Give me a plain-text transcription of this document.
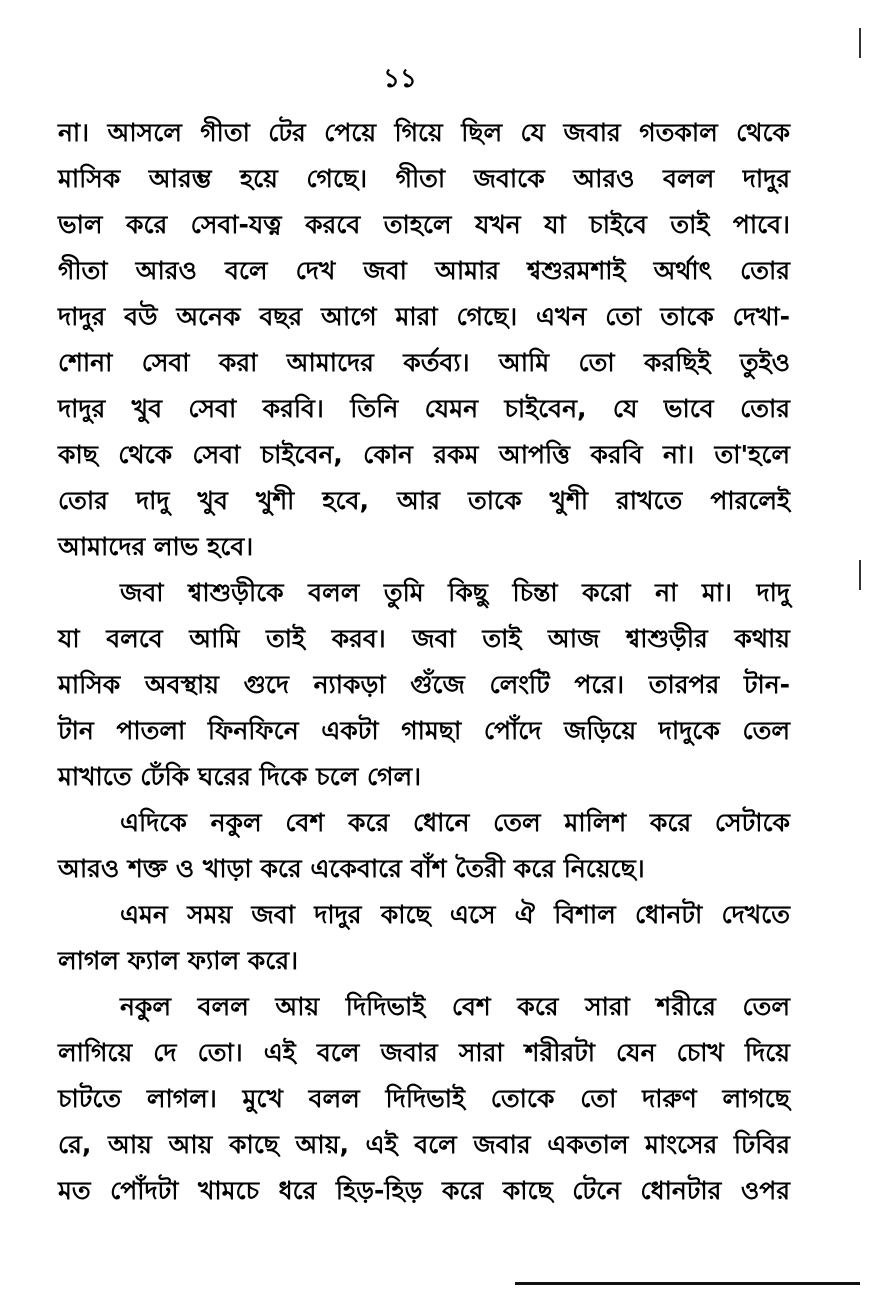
১১
না। আসলে গীতা টের পেয়ে গিয়ে ছিল যে জবার গতকাল থেকে
মাসিক আরম্ভ হয়ে গেছে। গীতা জবাকে আরও বলল দাদুর
ভাল করে সেবা-যত্ন করবে তাহলে যখন যা চাইবে তাই পাবে।
গীতা আরও বলে দেখ জবা আমার শ্বশুরমশাই অর্থাৎ তোর
দাদুর বউ অনেক বছর আগে মারা গেছে। এখন তো তাকে দেখা-
শোনা সেবা করা আমাদের কর্তব্য। আমি তো করছিই তুইও
দাদুর খুব সেবা করবি। তিনি যেমন চাইবেন, যে ভাবে তোর
কাছ থেকে সেবা চাইবেন, কোন রকম আপত্তি করবি না। তা'হলে
তোর দাদু খুব খুশী হবে, আর তাকে খুশী রাখতে পারলেই
আমাদের লাভ হবে।
জবা শ্বাশুড়ীকে বলল তুমি কিছু চিন্তা করো না মা। দাদু
যা বলবে আমি তাই করব। জবা তাই আজ শ্বাশুড়ীর কথায়
মাসিক অবস্থায় গুদে ন্যাকড়া গুঁজে লেংটি পরে। তারপর টান-
টান পাতলা ফিনফিনে একটা গামছা পোঁদে জড়িয়ে দাদুকে তেল
মাখাতে ঢেঁকি ঘরের দিকে চলে গেল।
এদিকে নকুল বেশ করে ধোনে তেল মালিশ করে সেটাকে
আরও শক্ত ও খাড়া করে একেবারে বাঁশ তৈরী করে নিয়েছে।
এমন সময় জবা দাদুর কাছে এসে ঐ বিশাল ধোনটা দেখতে
লাগল ফ্যাল ফ্যাল করে।
নকুল বলল আয় দিদিভাই বেশ করে সারা শরীরে তেল
লাগিয়ে দে তো। এই বলে জবার সারা শরীরটা যেন চোখ দিয়ে
চাটতে লাগল। মুখে বলল দিদিভাই তোকে তো দারুণ লাগছে
রে, আয় আয় কাছে আয়, এই বলে জবার একতাল মাংসের ঢিবির
মত পোঁদটা খামচে ধরে হিড়-হিড় করে কাছে টেনে ধোনটার ওপর
